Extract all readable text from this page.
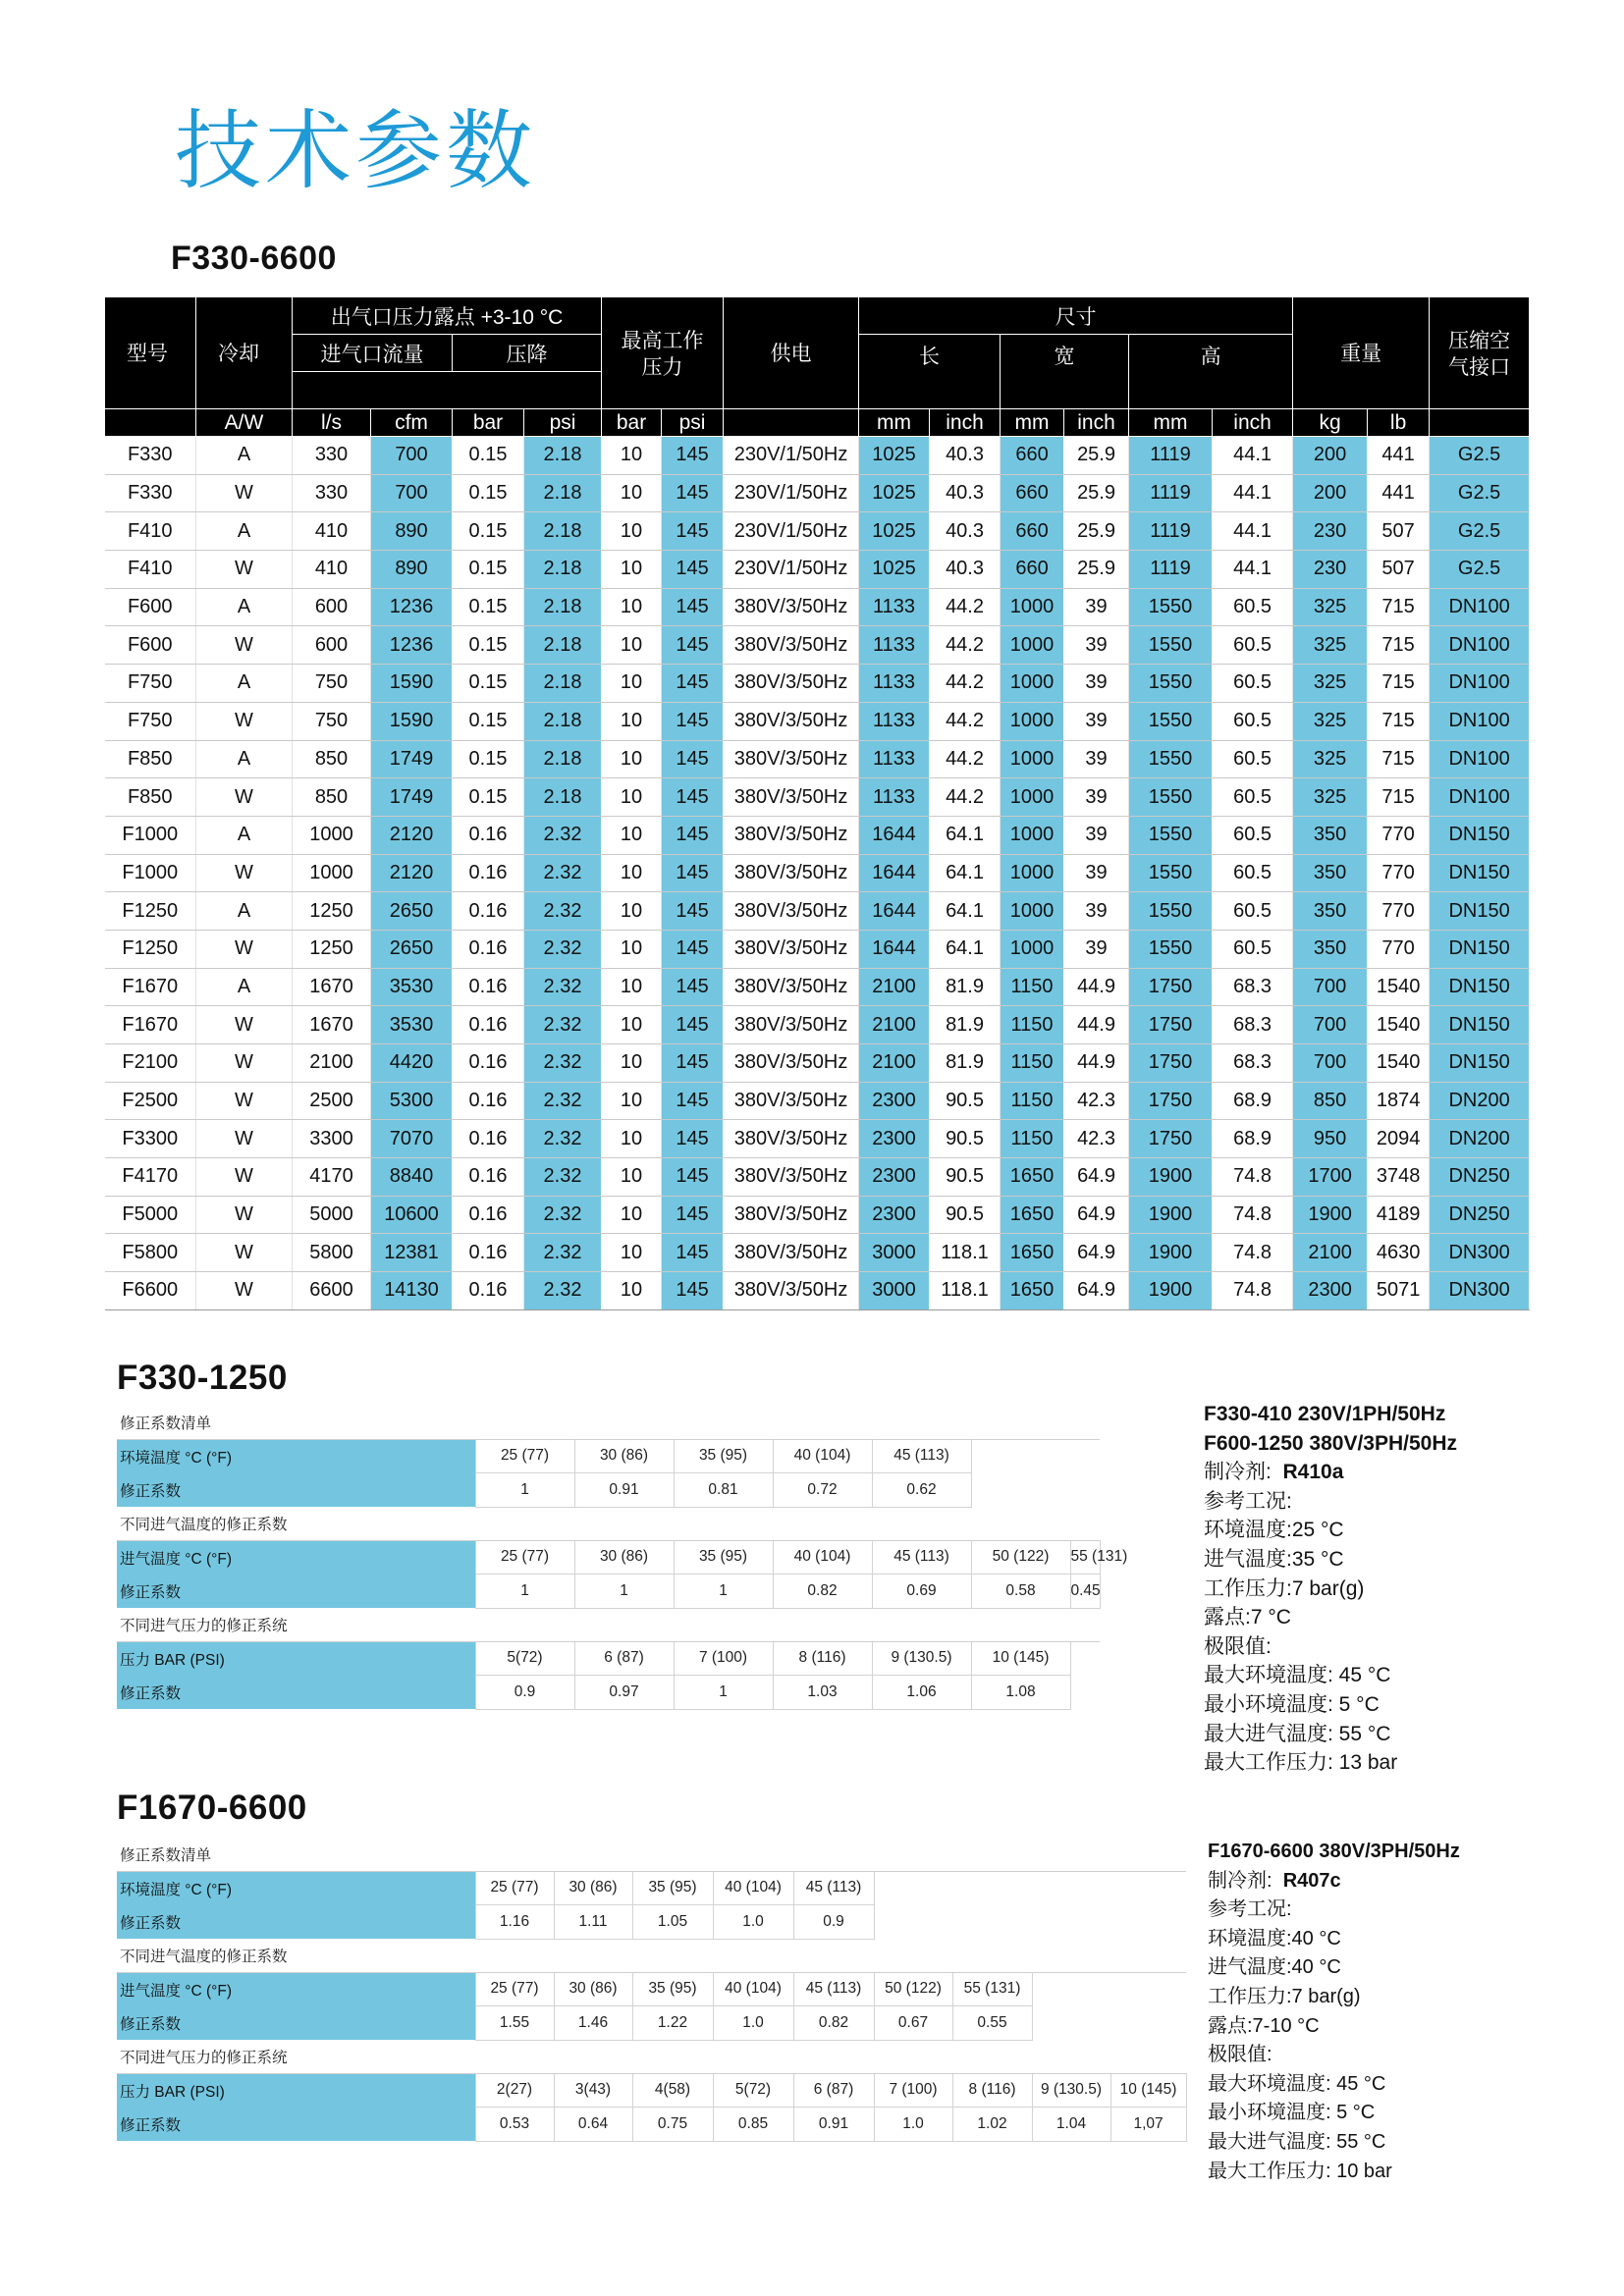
技术参数
F330-6600
型号	冷却	出气口压力露点 +3-10 °C				最高工作压力		供电	尺寸						重量		压缩空气接口
		进气口流量		压降					长		宽		高				

	A/W	l/s	cfm	bar	psi	bar	psi		mm	inch	mm	inch	mm	inch	kg	lb	
F330	A	330	700	0.15	2.18	10	145	230V/1/50Hz	1025	40.3	660	25.9	1119	44.1	200	441	G2.5
F330	W	330	700	0.15	2.18	10	145	230V/1/50Hz	1025	40.3	660	25.9	1119	44.1	200	441	G2.5
F410	A	410	890	0.15	2.18	10	145	230V/1/50Hz	1025	40.3	660	25.9	1119	44.1	230	507	G2.5
F410	W	410	890	0.15	2.18	10	145	230V/1/50Hz	1025	40.3	660	25.9	1119	44.1	230	507	G2.5
F600	A	600	1236	0.15	2.18	10	145	380V/3/50Hz	1133	44.2	1000	39	1550	60.5	325	715	DN100
F600	W	600	1236	0.15	2.18	10	145	380V/3/50Hz	1133	44.2	1000	39	1550	60.5	325	715	DN100
F750	A	750	1590	0.15	2.18	10	145	380V/3/50Hz	1133	44.2	1000	39	1550	60.5	325	715	DN100
F750	W	750	1590	0.15	2.18	10	145	380V/3/50Hz	1133	44.2	1000	39	1550	60.5	325	715	DN100
F850	A	850	1749	0.15	2.18	10	145	380V/3/50Hz	1133	44.2	1000	39	1550	60.5	325	715	DN100
F850	W	850	1749	0.15	2.18	10	145	380V/3/50Hz	1133	44.2	1000	39	1550	60.5	325	715	DN100
F1000	A	1000	2120	0.16	2.32	10	145	380V/3/50Hz	1644	64.1	1000	39	1550	60.5	350	770	DN150
F1000	W	1000	2120	0.16	2.32	10	145	380V/3/50Hz	1644	64.1	1000	39	1550	60.5	350	770	DN150
F1250	A	1250	2650	0.16	2.32	10	145	380V/3/50Hz	1644	64.1	1000	39	1550	60.5	350	770	DN150
F1250	W	1250	2650	0.16	2.32	10	145	380V/3/50Hz	1644	64.1	1000	39	1550	60.5	350	770	DN150
F1670	A	1670	3530	0.16	2.32	10	145	380V/3/50Hz	2100	81.9	1150	44.9	1750	68.3	700	1540	DN150
F1670	W	1670	3530	0.16	2.32	10	145	380V/3/50Hz	2100	81.9	1150	44.9	1750	68.3	700	1540	DN150
F2100	W	2100	4420	0.16	2.32	10	145	380V/3/50Hz	2100	81.9	1150	44.9	1750	68.3	700	1540	DN150
F2500	W	2500	5300	0.16	2.32	10	145	380V/3/50Hz	2300	90.5	1150	42.3	1750	68.9	850	1874	DN200
F3300	W	3300	7070	0.16	2.32	10	145	380V/3/50Hz	2300	90.5	1150	42.3	1750	68.9	950	2094	DN200
F4170	W	4170	8840	0.16	2.32	10	145	380V/3/50Hz	2300	90.5	1650	64.9	1900	74.8	1700	3748	DN250
F5000	W	5000	10600	0.16	2.32	10	145	380V/3/50Hz	2300	90.5	1650	64.9	1900	74.8	1900	4189	DN250
F5800	W	5800	12381	0.16	2.32	10	145	380V/3/50Hz	3000	118.1	1650	64.9	1900	74.8	2100	4630	DN300
F6600	W	6600	14130	0.16	2.32	10	145	380V/3/50Hz	3000	118.1	1650	64.9	1900	74.8	2300	5071	DN300
F330-1250
修正系数清单							
环境温度 °C (°F)	25 (77)	30 (86)	35 (95)	40 (104)	45 (113)		
修正系数	1	0.91	0.81	0.72	0.62		
不同进气温度的修正系数							
进气温度 °C (°F)	25 (77)	30 (86)	35 (95)	40 (104)	45 (113)	50 (122)	55 (131)
修正系数	1	1	1	0.82	0.69	0.58	0.45
不同进气压力的修正系统							
压力 BAR (PSI)	5(72)	6 (87)	7 (100)	8 (116)	9 (130.5)	10 (145)	
修正系数	0.9	0.97	1	1.03	1.06	1.08	
F330-410 230V/1PH/50Hz
F600-1250 380V/3PH/50Hz
制冷剂: R410a
参考工况:
环境温度:25 °C
进气温度:35 °C
工作压力:7 bar(g)
露点:7 °C
极限值:
最大环境温度: 45 °C
最小环境温度: 5 °C
最大进气温度: 55 °C
最大工作压力: 13 bar
F1670-6600
修正系数清单									
环境温度 °C (°F)	25 (77)	30 (86)	35 (95)	40 (104)	45 (113)				
修正系数	1.16	1.11	1.05	1.0	0.9				
不同进气温度的修正系数									
进气温度 °C (°F)	25 (77)	30 (86)	35 (95)	40 (104)	45 (113)	50 (122)	55 (131)		
修正系数	1.55	1.46	1.22	1.0	0.82	0.67	0.55		
不同进气压力的修正系统									
压力 BAR (PSI)	2(27)	3(43)	4(58)	5(72)	6 (87)	7 (100)	8 (116)	9 (130.5)	10 (145)
修正系数	0.53	0.64	0.75	0.85	0.91	1.0	1.02	1.04	1,07
F1670-6600 380V/3PH/50Hz
制冷剂: R407c
参考工况:
环境温度:40 °C
进气温度:40 °C
工作压力:7 bar(g)
露点:7-10 °C
极限值:
最大环境温度: 45 °C
最小环境温度: 5 °C
最大进气温度: 55 °C
最大工作压力: 10 bar
